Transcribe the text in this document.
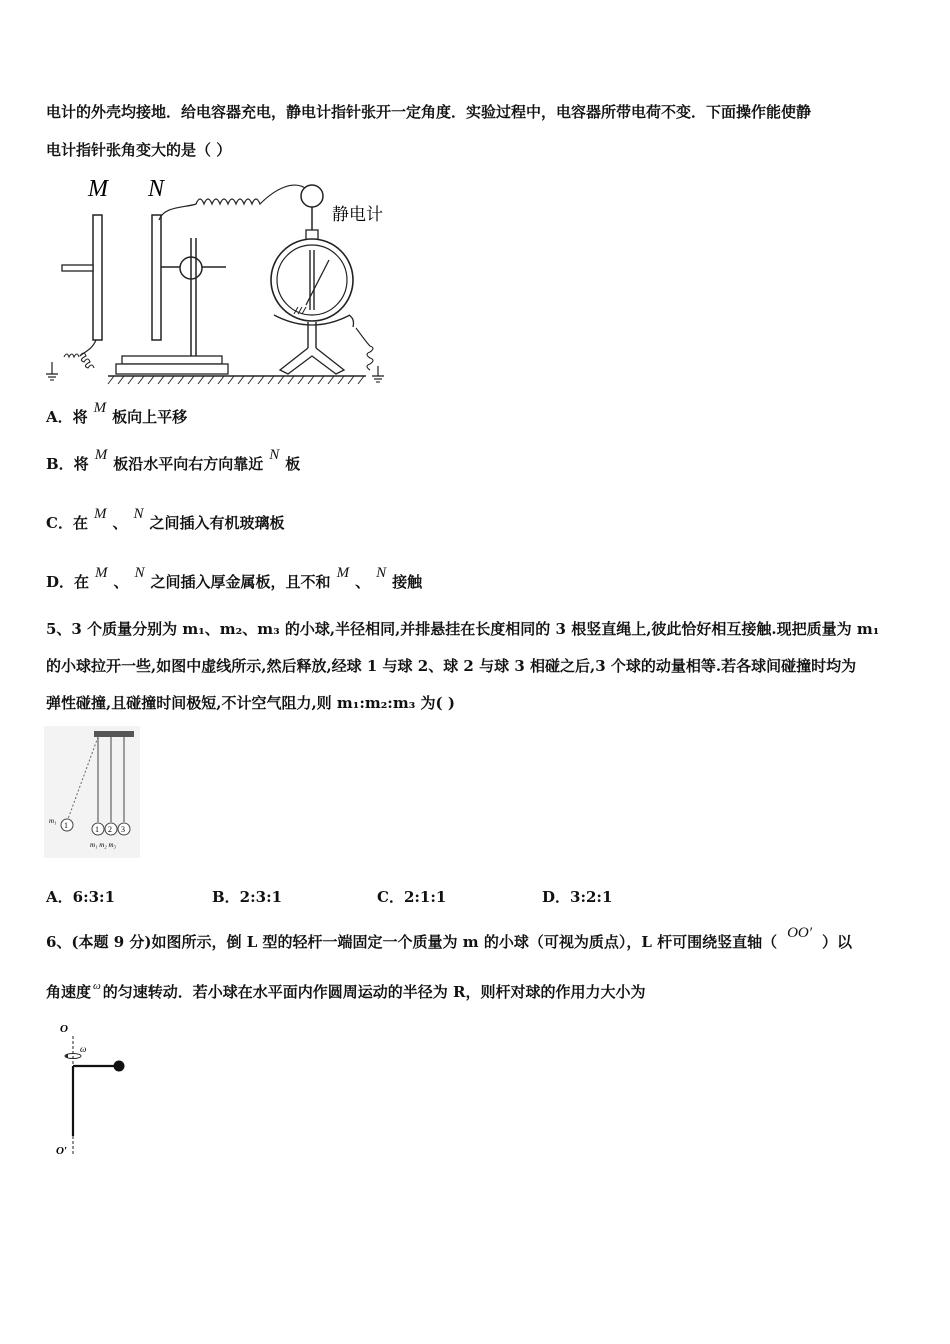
电计的外壳均接地．给电容器充电，静电计指针张开一定角度．实验过程中，电容器所带电荷不变．下面操作能使静
电计指针张角变大的是（ ）
M N
静电计
A．将 M 板向上平移
B．将 M 板沿水平向右方向靠近 N 板
C．在 M 、 N 之间插入有机玻璃板
D．在 M 、 N 之间插入厚金属板，且不和 M 、 N 接触
5、3 个质量分别为 m₁、m₂、m₃ 的小球,半径相同,并排悬挂在长度相同的 3 根竖直绳上,彼此恰好相互接触.现把质量为 m₁
的小球拉开一些,如图中虚线所示,然后释放,经球 1 与球 2、球 2 与球 3 相碰之后,3 个球的动量相等.若各球间碰撞时均为
弹性碰撞,且碰撞时间极短,不计空气阻力,则 m₁:m₂:m₃ 为( )
m₁ 1	1 2 3
m₁ m₂ m₃
A．6:3:1	B．2:3:1	C．2:1:1	D．3:2:1
6、(本题 9 分)如图所示，倒 L 型的轻杆一端固定一个质量为 m 的小球（可视为质点），L 杆可围绕竖直轴（ OO′ ）以
角速度 $^\omega$ 的匀速转动．若小球在水平面内作圆周运动的半径为 R，则杆对球的作用力大小为
O
ω
O′
